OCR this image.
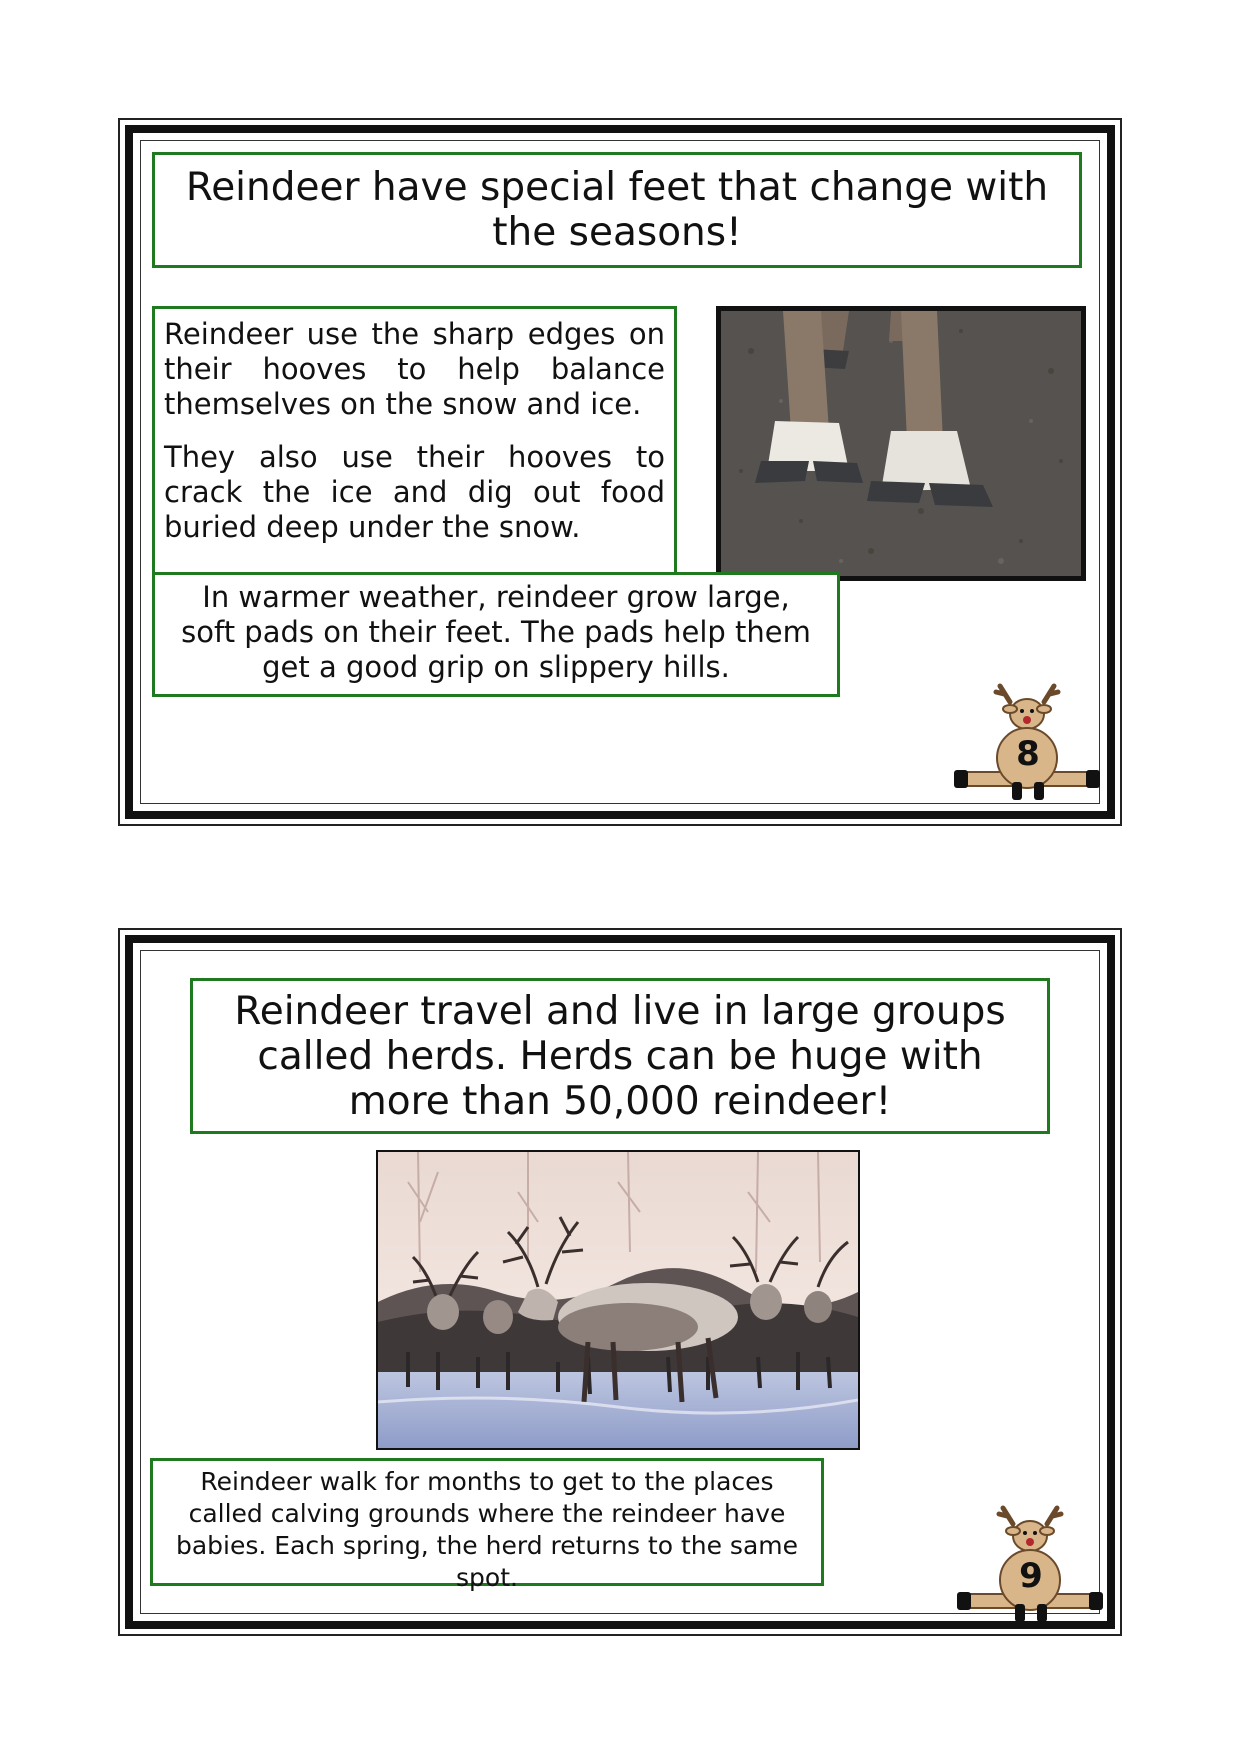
Reindeer have special feet that change with the seasons!

Reindeer use the sharp edges on their hooves to help balance themselves on the snow and ice.

They also use their hooves to crack the ice and dig out food buried deep under the snow.

In warmer weather, reindeer grow large, soft pads on their feet. The pads help them get a good grip on slippery hills.

8
Reindeer travel and live in large groups called herds. Herds can be huge with more than 50,000 reindeer!

Reindeer walk for months to get to the places called calving grounds where the reindeer have babies. Each spring, the herd returns to the same spot.	9
